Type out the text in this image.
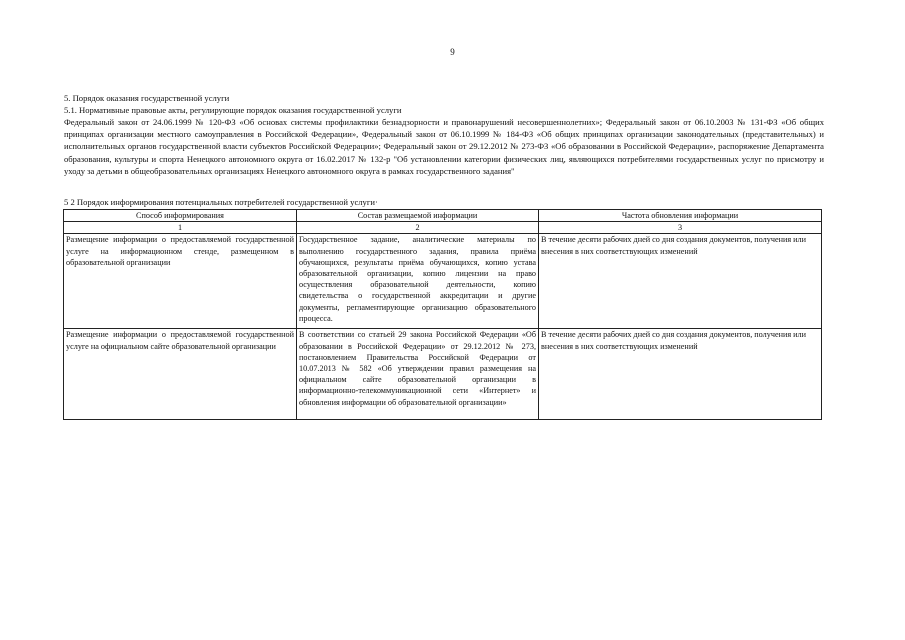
9
5. Порядок оказания государственной услуги
5.1. Нормативные правовые акты, регулирующие порядок оказания государственной услуги
Федеральный закон от 24.06.1999 № 120-ФЗ «Об основах системы профилактики безнадзорности и правонарушений несовершеннолетних»; Федеральный закон от 06.10.2003 № 131-ФЗ «Об общих принципах организации местного самоуправления в Российской Федерации», Федеральный закон от 06.10.1999 № 184-ФЗ «Об общих принципах организации законодательных (представительных) и исполнительных органов государственной власти субъектов Российской Федерации»; Федеральный закон от 29.12.2012 № 273-ФЗ «Об образовании в Российской Федерации», распоряжение Департамента образования, культуры и спорта Ненецкого автономного округа от 16.02.2017 № 132-р "Об установлении категории физических лиц, являющихся потребителями государственных услуг по присмотру и уходу за детьми в общеобразовательных организациях Ненецкого автономного округа в рамках государственного задания"
5 2 Порядок информирования потенциальных потребителей государственной услуги·
Способ информирования	Состав размещаемой информации	Частота обновления информации
1	2	3
Размещение информации о предоставляемой государственной услуге на информационном стенде, размещенном в образовательной организации	Государственное задание, аналитические материалы по выполнению государственного задания, правила приёма обучающихся, результаты приёма обучающихся, копию устава образовательной организации, копию лицензии на право осуществления образовательной деятельности, копию свидетельства о государственной аккредитации и другие документы, регламентирующие организацию образовательного процесса.	В течение десяти рабочих дней со дня создания документов, получения или внесения в них соответствующих изменений
Размещение информации о предоставляемой государственной услуге на официальном сайте образовательной организации	В соответствии со статьей 29 закона Российской Федерации «Об образовании в Российской Федерации» от 29.12.2012 № 273, постановлением Правительства Российской Федерации от 10.07.2013 № 582 «Об утверждении правил размещения на официальном сайте образовательной организации в информационно-телекоммуникационной сети «Интернет» и обновления информации об образовательной организации»	В течение десяти рабочих дней со дня создания документов, получения или внесения в них соответствующих изменений
